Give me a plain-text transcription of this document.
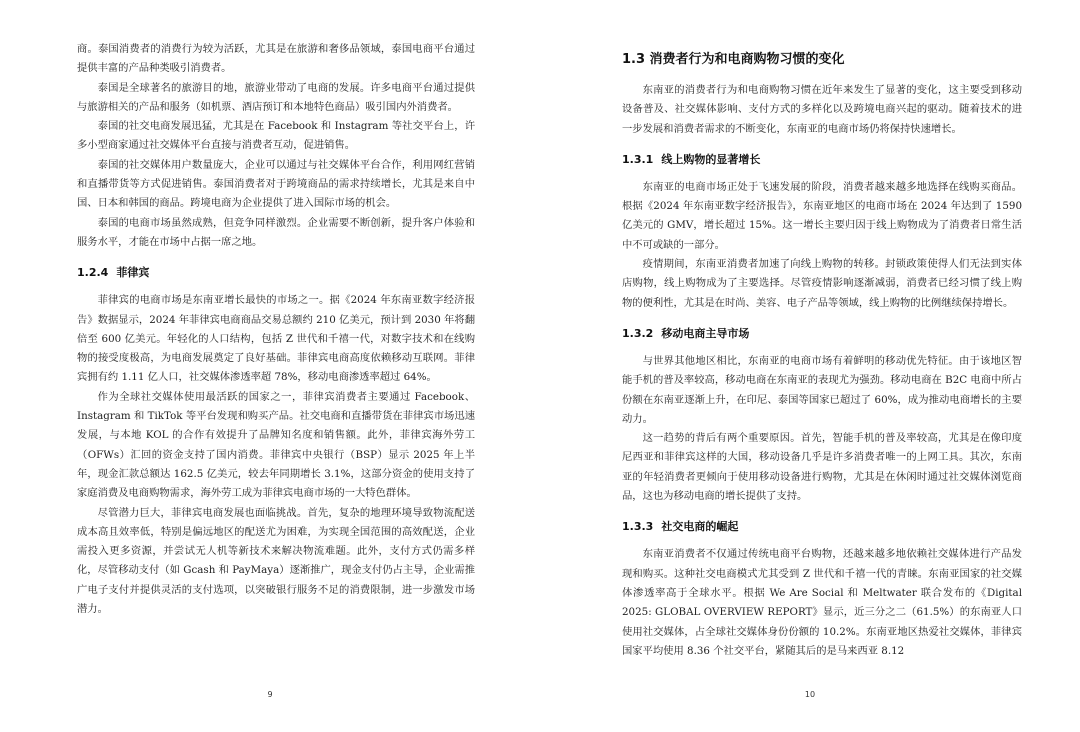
商。泰国消费者的消费行为较为活跃，尤其是在旅游和奢侈品领域，泰国电商平台通过提供丰富的产品种类吸引消费者。

泰国是全球著名的旅游目的地，旅游业带动了电商的发展。许多电商平台通过提供与旅游相关的产品和服务（如机票、酒店预订和本地特色商品）吸引国内外消费者。

泰国的社交电商发展迅猛，尤其是在 Facebook 和 Instagram 等社交平台上，许多小型商家通过社交媒体平台直接与消费者互动，促进销售。

泰国的社交媒体用户数量庞大，企业可以通过与社交媒体平台合作，利用网红营销和直播带货等方式促进销售。泰国消费者对于跨境商品的需求持续增长，尤其是来自中国、日本和韩国的商品。跨境电商为企业提供了进入国际市场的机会。

泰国的电商市场虽然成熟，但竞争同样激烈。企业需要不断创新，提升客户体验和服务水平，才能在市场中占据一席之地。

1.2.4 菲律宾

菲律宾的电商市场是东南亚增长最快的市场之一。据《2024 年东南亚数字经济报告》数据显示，2024 年菲律宾电商商品交易总额约 210 亿美元，预计到 2030 年将翻倍至 600 亿美元。年轻化的人口结构，包括 Z 世代和千禧一代，对数字技术和在线购物的接受度极高，为电商发展奠定了良好基础。菲律宾电商高度依赖移动互联网。菲律宾拥有约 1.11 亿人口，社交媒体渗透率超 78%，移动电商渗透率超过 64%。

作为全球社交媒体使用最活跃的国家之一，菲律宾消费者主要通过 Facebook、Instagram 和 TikTok 等平台发现和购买产品。社交电商和直播带货在菲律宾市场迅速发展，与本地 KOL 的合作有效提升了品牌知名度和销售额。此外，菲律宾海外劳工（OFWs）汇回的资金支持了国内消费。菲律宾中央银行（BSP）显示 2025 年上半年，现金汇款总额达 162.5 亿美元，较去年同期增长 3.1%，这部分资金的使用支持了家庭消费及电商购物需求，海外劳工成为菲律宾电商市场的一大特色群体。

尽管潜力巨大，菲律宾电商发展也面临挑战。首先，复杂的地理环境导致物流配送成本高且效率低，特别是偏远地区的配送尤为困难，为实现全国范围的高效配送，企业需投入更多资源，并尝试无人机等新技术来解决物流难题。此外，支付方式仍需多样化，尽管移动支付（如 Gcash 和 PayMaya）逐渐推广，现金支付仍占主导，企业需推广电子支付并提供灵活的支付选项，以突破银行服务不足的消费限制，进一步激发市场潜力。

9
1.3 消费者行为和电商购物习惯的变化

东南亚的消费者行为和电商购物习惯在近年来发生了显著的变化，这主要受到移动设备普及、社交媒体影响、支付方式的多样化以及跨境电商兴起的驱动。随着技术的进一步发展和消费者需求的不断变化，东南亚的电商市场仍将保持快速增长。

1.3.1 线上购物的显著增长

东南亚的电商市场正处于飞速发展的阶段，消费者越来越多地选择在线购买商品。根据《2024 年东南亚数字经济报告》，东南亚地区的电商市场在 2024 年达到了 1590 亿美元的 GMV，增长超过 15%。这一增长主要归因于线上购物成为了消费者日常生活中不可或缺的一部分。

疫情期间，东南亚消费者加速了向线上购物的转移。封锁政策使得人们无法到实体店购物，线上购物成为了主要选择。尽管疫情影响逐渐减弱，消费者已经习惯了线上购物的便利性，尤其是在时尚、美容、电子产品等领域，线上购物的比例继续保持增长。

1.3.2 移动电商主导市场

与世界其他地区相比，东南亚的电商市场有着鲜明的移动优先特征。由于该地区智能手机的普及率较高，移动电商在东南亚的表现尤为强劲。移动电商在 B2C 电商中所占份额在东南亚逐渐上升，在印尼、泰国等国家已超过了 60%，成为推动电商增长的主要动力。

这一趋势的背后有两个重要原因。首先，智能手机的普及率较高，尤其是在像印度尼西亚和菲律宾这样的大国，移动设备几乎是许多消费者唯一的上网工具。其次，东南亚的年轻消费者更倾向于使用移动设备进行购物，尤其是在休闲时通过社交媒体浏览商品，这也为移动电商的增长提供了支持。

1.3.3 社交电商的崛起

东南亚消费者不仅通过传统电商平台购物，还越来越多地依赖社交媒体进行产品发现和购买。这种社交电商模式尤其受到 Z 世代和千禧一代的青睐。东南亚国家的社交媒体渗透率高于全球水平。根据 We Are Social 和 Meltwater 联合发布的《Digital 2025: GLOBAL OVERVIEW REPORT》显示，近三分之二（61.5%）的东南亚人口使用社交媒体，占全球社交媒体身份份额的 10.2%。东南亚地区热爱社交媒体，菲律宾国家平均使用 8.36 个社交平台，紧随其后的是马来西亚 8.12

10
